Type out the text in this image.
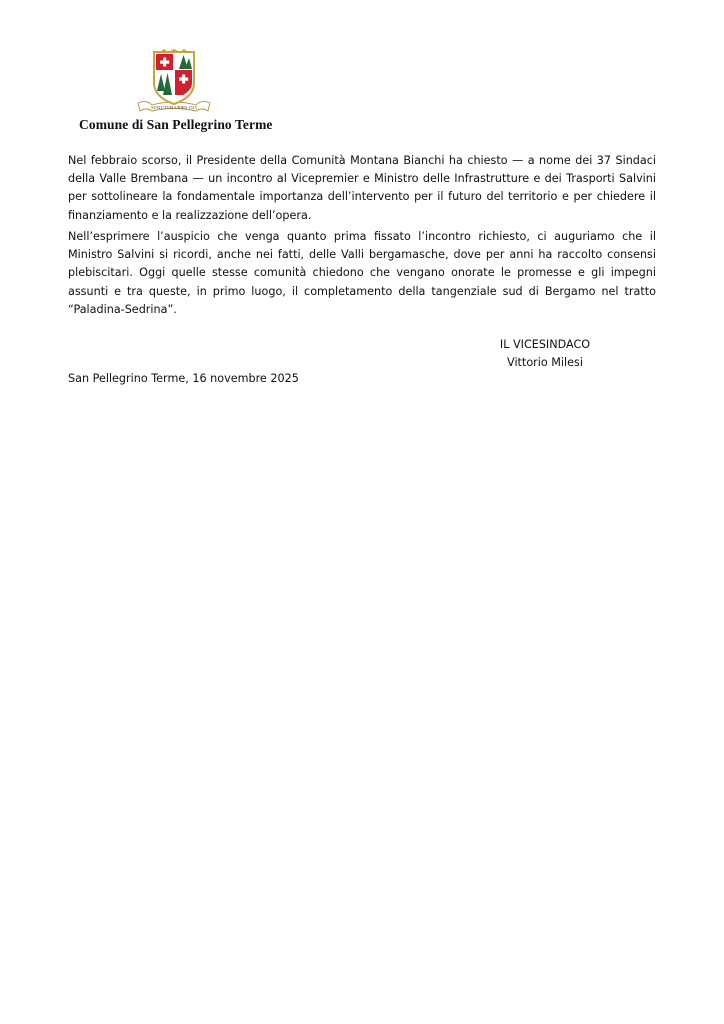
STATUTUM·URBIS·1515
Comune di San Pellegrino Terme

Nel febbraio scorso, il Presidente della Comunità Montana Bianchi ha chiesto — a nome dei 37 Sindaci della Valle Brembana — un incontro al Vicepremier e Ministro delle Infrastrutture e dei Trasporti Salvini per sottolineare la fondamentale importanza dell’intervento per il futuro del territorio e per chiedere il finanziamento e la realizzazione dell’opera.

Nell’esprimere l’auspicio che venga quanto prima fissato l’incontro richiesto, ci auguriamo che il Ministro Salvini si ricordi, anche nei fatti, delle Valli bergamasche, dove per anni ha raccolto consensi plebiscitari. Oggi quelle stesse comunità chiedono che vengano onorate le promesse e gli impegni assunti e tra queste, in primo luogo, il completamento della tangenziale sud di Bergamo nel tratto “Paladina-Sedrina”.

IL VICESINDACO
Vittorio Milesi
San Pellegrino Terme, 16 novembre 2025
